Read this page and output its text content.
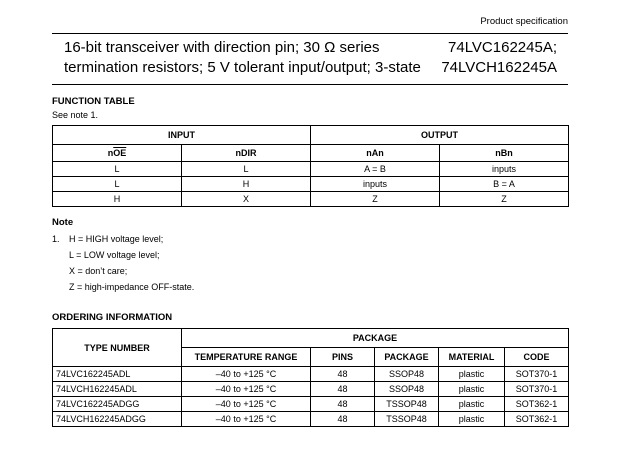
Product specification
16-bit transceiver with direction pin; 30 Ω series
termination resistors; 5 V tolerant input/output; 3-state
74LVC162245A;
74LVCH162245A
FUNCTION TABLE
See note 1.
INPUT		OUTPUT	
$n\overline{OE}$	nDIR	nAn	nBn
L	L	A = B	inputs
L	H	inputs	B = A
H	X	Z	Z
Note
1. H = HIGH voltage level;
L = LOW voltage level;
X = don’t care;
Z = high-impedance OFF-state.
ORDERING INFORMATION
TYPE NUMBER	PACKAGE				
	TEMPERATURE RANGE	PINS	PACKAGE	MATERIAL	CODE
74LVC162245ADL	–40 to +125 °C	48	SSOP48	plastic	SOT370-1
74LVCH162245ADL	–40 to +125 °C	48	SSOP48	plastic	SOT370-1
74LVC162245ADGG	–40 to +125 °C	48	TSSOP48	plastic	SOT362-1
74LVCH162245ADGG	–40 to +125 °C	48	TSSOP48	plastic	SOT362-1
